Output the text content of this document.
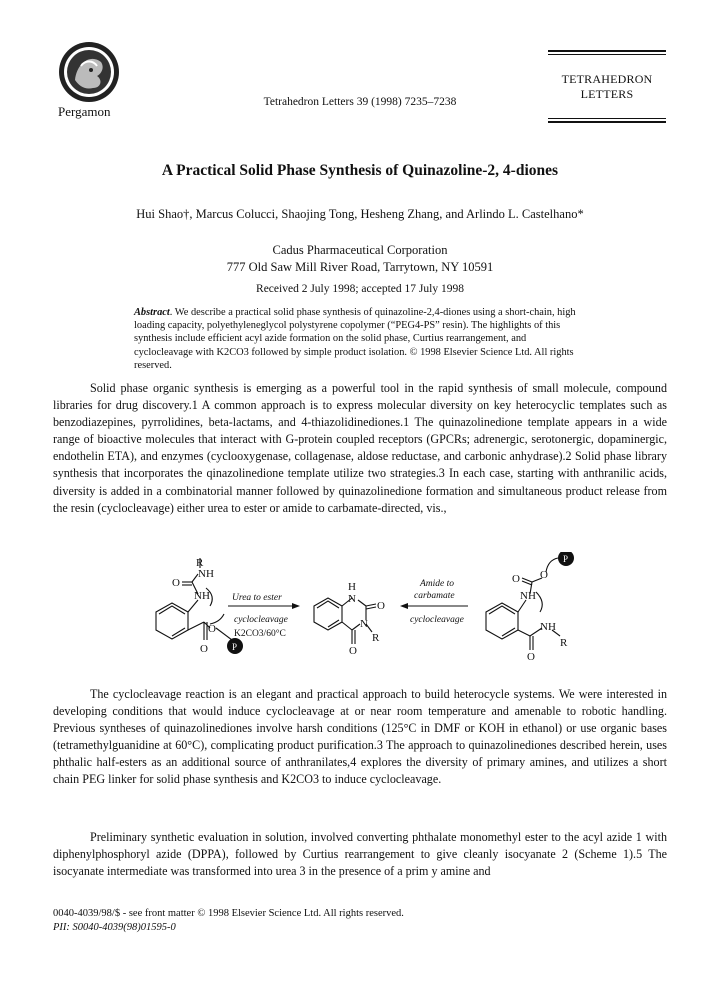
Pergamon
Tetrahedron Letters 39 (1998) 7235–7238
TETRAHEDRON
LETTERS
A Practical Solid Phase Synthesis of Quinazoline-2, 4-diones
Hui Shao†, Marcus Colucci, Shaojing Tong, Hesheng Zhang, and Arlindo L. Castelhano*
Cadus Pharmaceutical Corporation
777 Old Saw Mill River Road, Tarrytown, NY 10591
Received 2 July 1998; accepted 17 July 1998
Abstract. We describe a practical solid phase synthesis of quinazoline-2,4-diones using a short-chain, high loading capacity, polyethyleneglycol polystyrene copolymer (“PEG4-PS” resin). The highlights of this synthesis include efficient acyl azide formation on the solid phase, Curtius rearrangement, and cyclocleavage with K2CO3 followed by simple product isolation. © 1998 Elsevier Science Ltd. All rights reserved.

Solid phase organic synthesis is emerging as a powerful tool in the rapid synthesis of small molecule, compound libraries for drug discovery.1 A common approach is to express molecular diversity on key heterocyclic templates such as benzodiazepines, pyrrolidines, beta-lactams, and 4-thiazolidinediones.1 The quinazolinedione template appears in a wide range of bioactive molecules that interact with G-protein coupled receptors (GPCRs; adrenergic, serotonergic, dopaminergic, endothelin ETA), and enzymes (cyclooxygenase, collagenase, aldose reductase, and carbonic anhydrase).2 Solid phase library synthesis that incorporates the qinazolinedione template utilize two strategies.3 In each case, starting with anthranilic acids, diversity is added in a combinatorial manner followed by quinazolinedione formation and simultaneous product release from the resin (cyclocleavage) either urea to ester or amide to carbamate-directed, vis.,

R
NH
O
NH
O
O	P
Urea to ester
cyclocleavage
K2CO3/60°C
H
N
O
N
R
O
Amide to
carbamate
cyclocleavage
P
O O
NH
NH
R
O

The cyclocleavage reaction is an elegant and practical approach to build heterocycle systems. We were interested in developing conditions that would induce cyclocleavage at or near room temperature and amenable to robotic handling. Previous syntheses of quinazolinediones involve harsh conditions (125°C in DMF or KOH in ethanol) or use organic bases (tetramethylguanidine at 60°C), complicating product purification.3 The approach to quinazolinediones described herein, uses phthalic half-esters as an additional source of anthranilates,4 explores the diversity of primary amines, and utilizes a short chain PEG linker for solid phase synthesis and K2CO3 to induce cyclocleavage.

Preliminary synthetic evaluation in solution, involved converting phthalate monomethyl ester to the acyl azide 1 with diphenylphosphoryl azide (DPPA), followed by Curtius rearrangement to give cleanly isocyanate 2 (Scheme 1).5 The isocyanate intermediate was transformed into urea 3 in the presence of a prim y amine and

0040-4039/98/$ - see front matter © 1998 Elsevier Science Ltd. All rights reserved.
PII: S0040-4039(98)01595-0
